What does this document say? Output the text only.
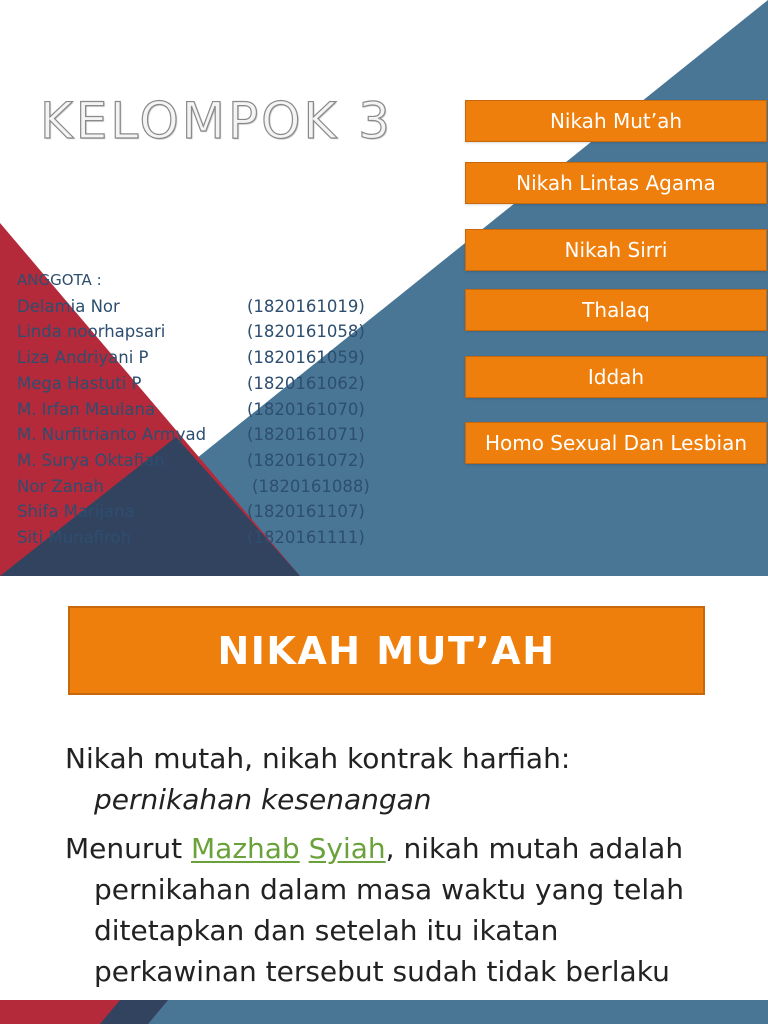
KELOMPOK 3
ANGGOTA :
Delamia Nor	(1820161019)
Linda noorhapsari	(1820161058)
Liza Andriyani P	(1820161059)
Mega Hastuti P	(1820161062)
M. Irfan Maulana	(1820161070)
M. Nurfitrianto Armyad	(1820161071)
M. Surya Oktafian	(1820161072)
Nor Zanah	(1820161088)
Shifa Marijana	(1820161107)
Siti Munafiroh	(1820161111)
Nikah Mut’ah
Nikah Lintas Agama
Nikah Sirri
Thalaq
Iddah
Homo Sexual Dan Lesbian
NIKAH MUT’AH

Nikah mutah, nikah kontrak harfiah:
pernikahan kesenangan

Menurut Mazhab Syiah, nikah mutah adalah pernikahan dalam masa waktu yang telah ditetapkan dan setelah itu ikatan perkawinan tersebut sudah tidak berlaku
